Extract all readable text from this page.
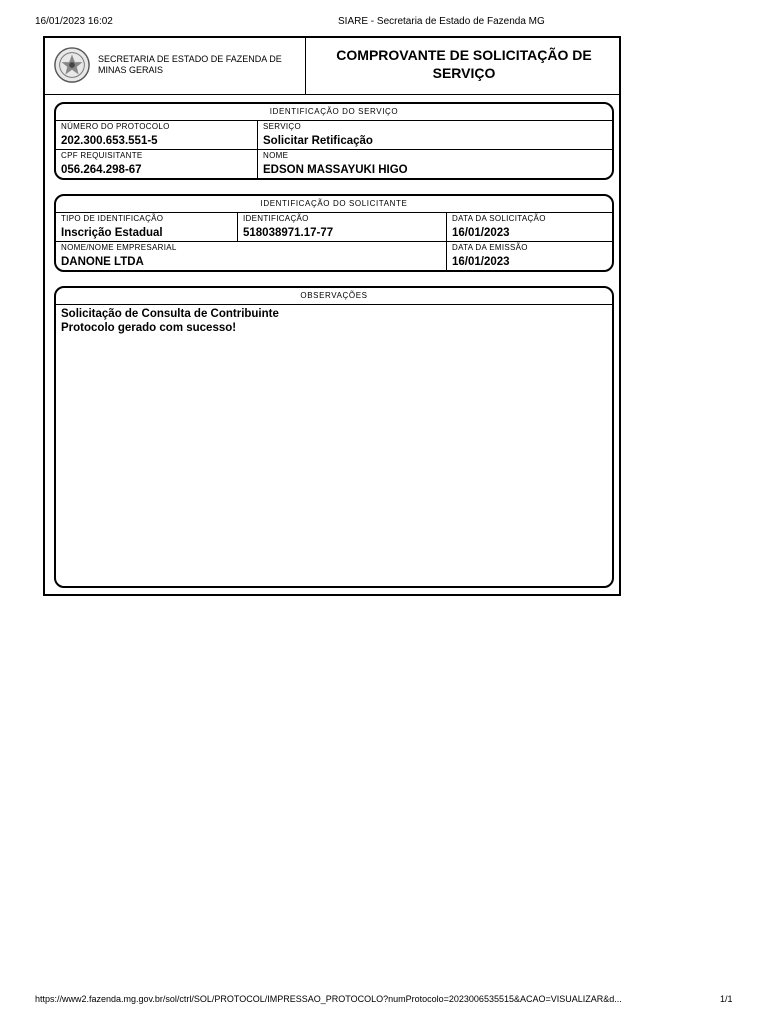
16/01/2023 16:02	SIARE - Secretaria de Estado de Fazenda MG
SECRETARIA DE ESTADO DE FAZENDA DE MINAS GERAIS
COMPROVANTE DE SOLICITAÇÃO DE SERVIÇO
IDENTIFICAÇÃO DO SERVIÇO
NÚMERO DO PROTOCOLO
202.300.653.551-5
SERVIÇO
Solicitar Retificação
CPF REQUISITANTE
056.264.298-67
NOME
EDSON MASSAYUKI HIGO
IDENTIFICAÇÃO DO SOLICITANTE
TIPO DE IDENTIFICAÇÃO
Inscrição Estadual
IDENTIFICAÇÃO
518038971.17-77
DATA DA SOLICITAÇÃO
16/01/2023
NOME/NOME EMPRESARIAL
DANONE LTDA
DATA DA EMISSÃO
16/01/2023
OBSERVAÇÕES
Solicitação de Consulta de Contribuinte
Protocolo gerado com sucesso!
https://www2.fazenda.mg.gov.br/sol/ctrl/SOL/PROTOCOL/IMPRESSAO_PROTOCOLO?numProtocolo=2023006535515&ACAO=VISUALIZAR&d...	1/1
